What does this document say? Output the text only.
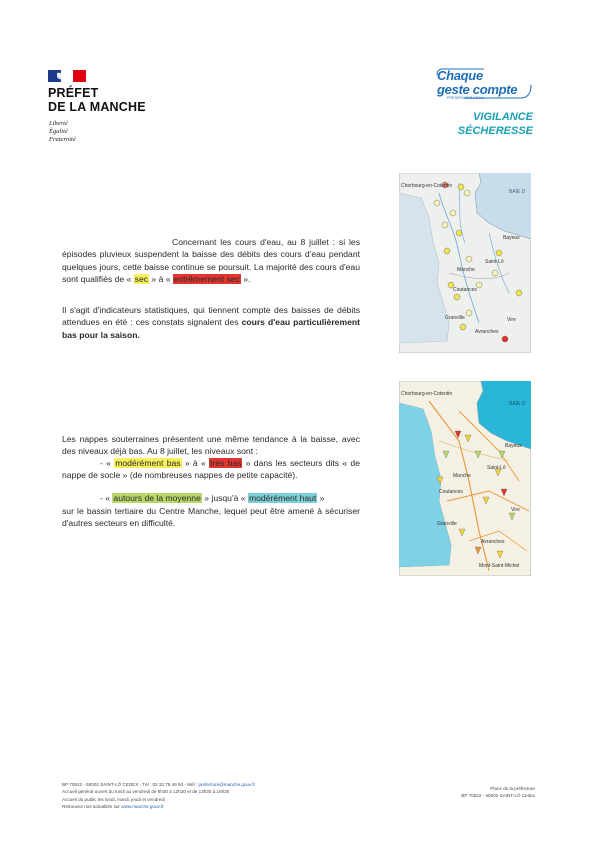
PRÉFET
DE LA MANCHE
Liberté
Égalité
Fraternité
Chaque
geste compte
PRÉSERVONS L'EAU
VIGILANCE
SÉCHERESSE
Concernant les cours d'eau, au 8 juillet : si les épisodes pluvieux suspendent la baisse des débits des cours d'eau pendant quelques jours, cette baisse continue se poursuit. La majorité des cours d'eau sont qualifiés de « sec » à « extrêmement sec ».
Il s'agit d'indicateurs statistiques, qui tiennent compte des baisses de débits attendues en été : ces constats signalent des cours d'eau particulièrement bas pour la saison.
Cherbourg-en-Cotentin
BAIE D
Bayeux
Saint-Lô
Manche
Coutances
Avranches
Granville	Vire
Les nappes souterraines présentent une même tendance à la baisse, avec des niveaux déjà bas. Au 8 juillet, les niveaux sont :
- « modérément bas » à « très bas » dans les secteurs dits « de nappe de socle » (de nombreuses nappes de petite capacité).
- « autours de la moyenne » jusqu'à « modérément haut »
sur le bassin tertiaire du Centre Manche, lequel peut être amené à sécuriser d'autres secteurs en difficulté.
Cherbourg-en-Cotentin
BAIE D
Bayeux
Saint-Lô
Manche
Coutances
Vire
Avranches
Granville
Mont-Saint-Michel
BP 70522 - 50002 SAINT-LÔ CEDEX - Tél : 02 33 75 49 50 - Mél : prefecture@manche.gouv.fr
Accueil général ouvert du lundi au vendredi de 8h30 à 12h30 et de 13h30 à 16h30
Accueil du public les lundi, mardi, jeudi et vendredi
Retrouvez nos actualités sur www.manche.gouv.fr
Place de la préfecture
BP 70522 - 50002 SAINT-LÔ Cedex
